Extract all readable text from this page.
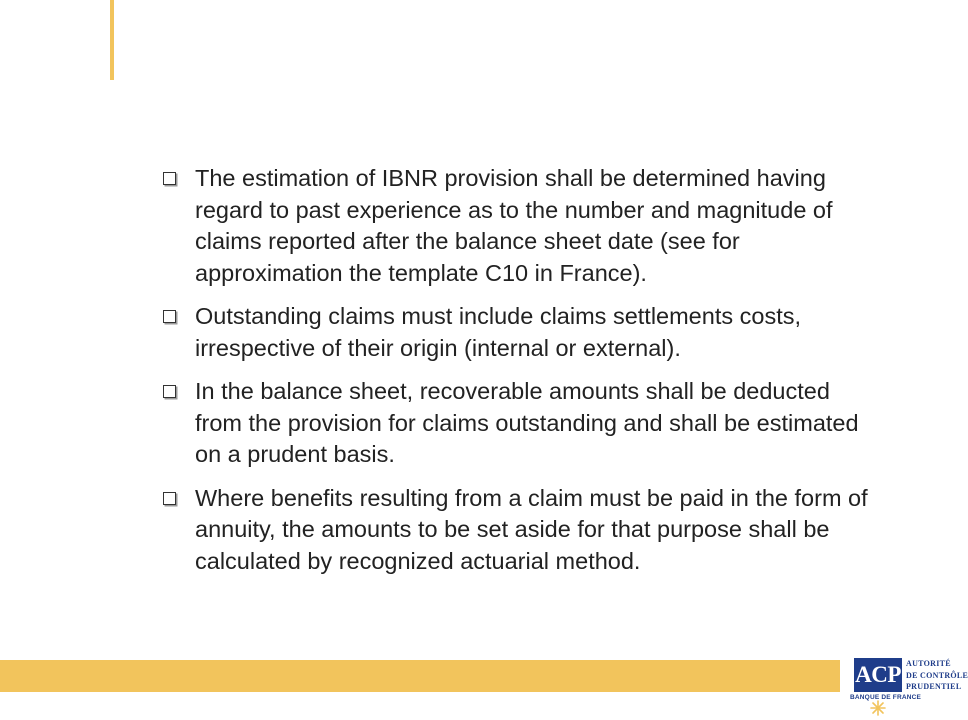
The estimation of IBNR provision shall be determined having regard to past experience as to the number and magnitude of claims reported after the balance sheet date (see for approximation the template C10 in France).
Outstanding claims must include claims settlements costs, irrespective of their origin (internal or external).
In the balance sheet, recoverable amounts shall be deducted from the provision for claims outstanding and shall be estimated on a prudent basis.
Where benefits resulting from a claim must be paid in the form of annuity, the amounts to be set aside for that purpose shall be calculated by recognized actuarial method.
ACP AUTORITÉ
DE CONTRÔLE
PRUDENTIEL
BANQUE DE FRANCE
